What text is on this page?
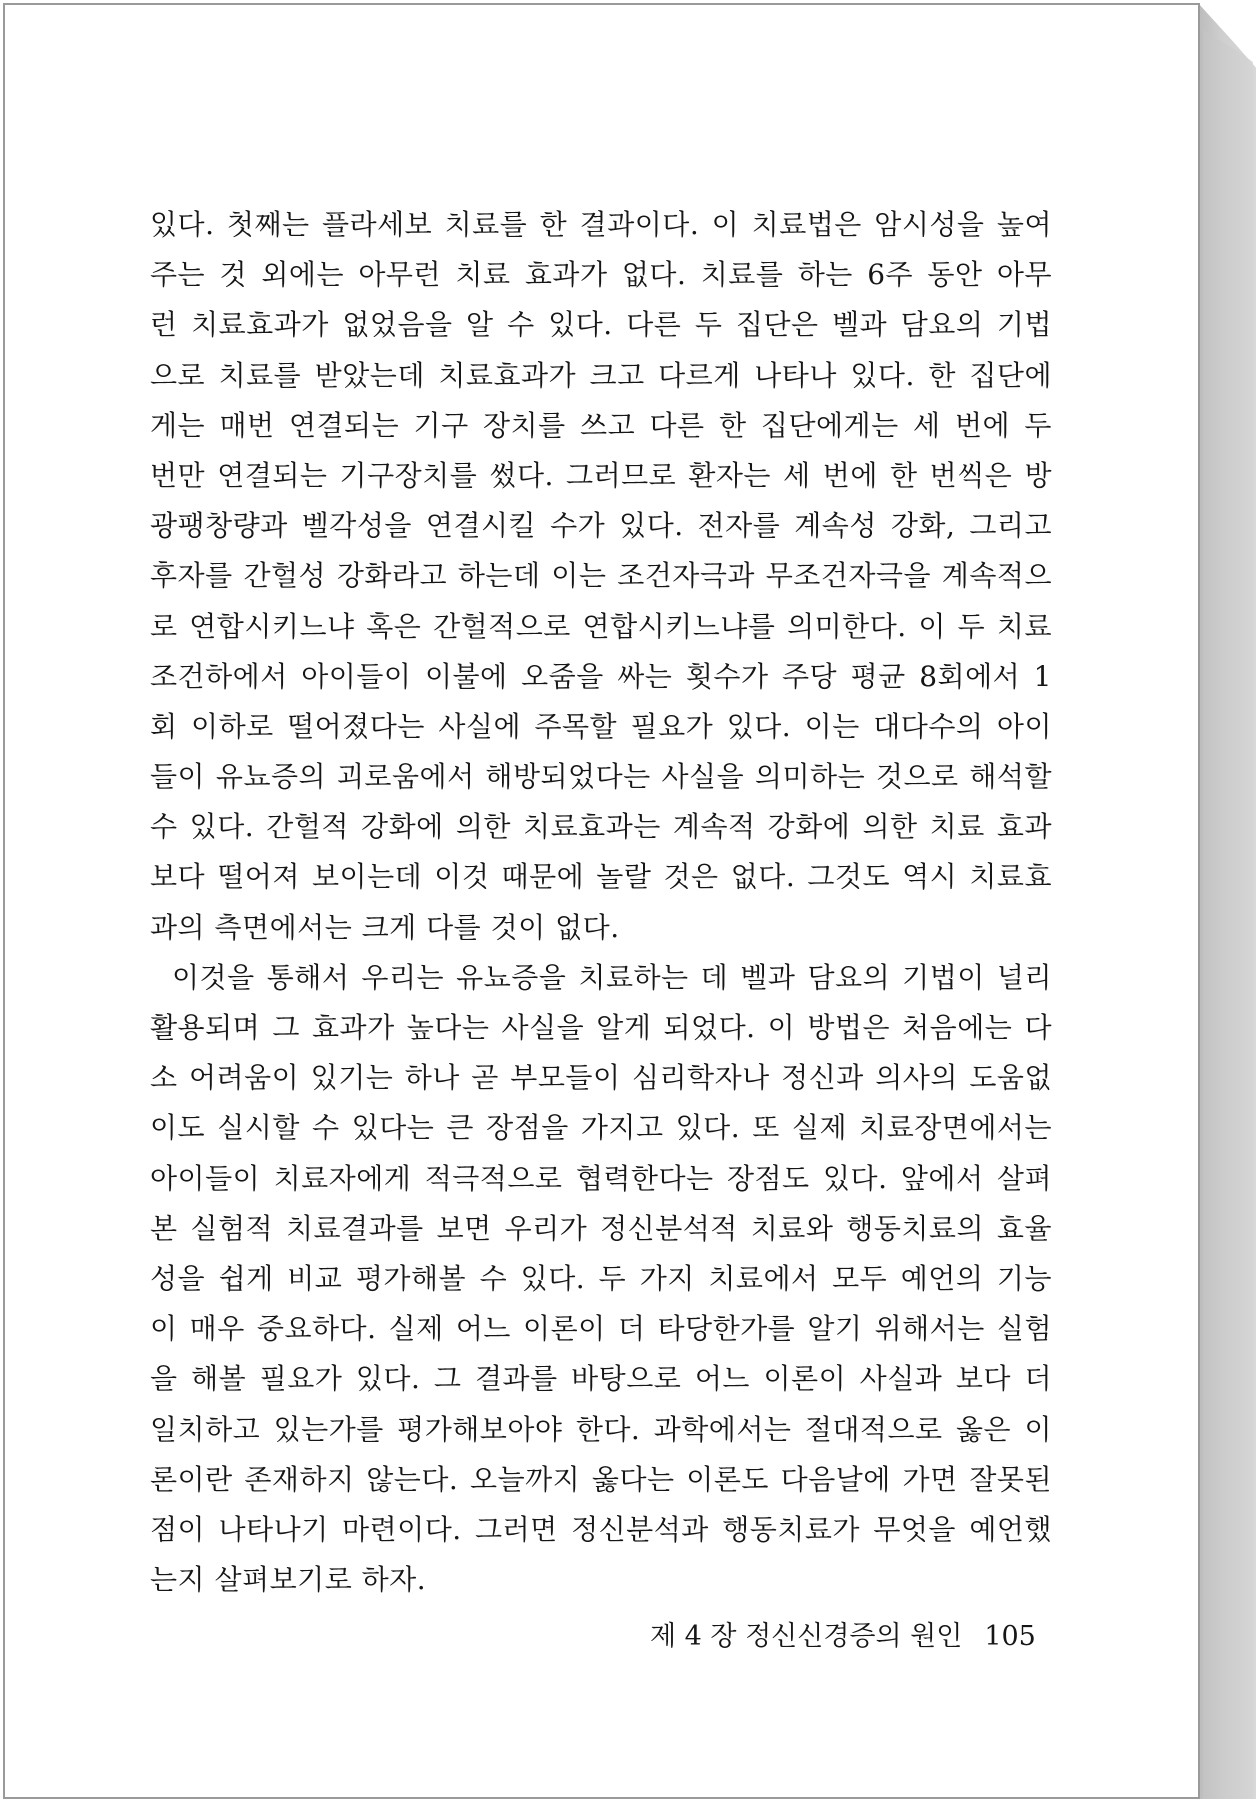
있다. 첫째는 플라세보 치료를 한 결과이다. 이 치료법은 암시성을 높여
주는 것 외에는 아무런 치료 효과가 없다. 치료를 하는 6주 동안 아무
런 치료효과가 없었음을 알 수 있다. 다른 두 집단은 벨과 담요의 기법
으로 치료를 받았는데 치료효과가 크고 다르게 나타나 있다. 한 집단에
게는 매번 연결되는 기구 장치를 쓰고 다른 한 집단에게는 세 번에 두
번만 연결되는 기구장치를 썼다. 그러므로 환자는 세 번에 한 번씩은 방
광팽창량과 벨각성을 연결시킬 수가 있다. 전자를 계속성 강화, 그리고
후자를 간헐성 강화라고 하는데 이는 조건자극과 무조건자극을 계속적으
로 연합시키느냐 혹은 간헐적으로 연합시키느냐를 의미한다. 이 두 치료
조건하에서 아이들이 이불에 오줌을 싸는 횟수가 주당 평균 8회에서 1
회 이하로 떨어졌다는 사실에 주목할 필요가 있다. 이는 대다수의 아이
들이 유뇨증의 괴로움에서 해방되었다는 사실을 의미하는 것으로 해석할
수 있다. 간헐적 강화에 의한 치료효과는 계속적 강화에 의한 치료 효과
보다 떨어져 보이는데 이것 때문에 놀랄 것은 없다. 그것도 역시 치료효
과의 측면에서는 크게 다를 것이 없다.
이것을 통해서 우리는 유뇨증을 치료하는 데 벨과 담요의 기법이 널리
활용되며 그 효과가 높다는 사실을 알게 되었다. 이 방법은 처음에는 다
소 어려움이 있기는 하나 곧 부모들이 심리학자나 정신과 의사의 도움없
이도 실시할 수 있다는 큰 장점을 가지고 있다. 또 실제 치료장면에서는
아이들이 치료자에게 적극적으로 협력한다는 장점도 있다. 앞에서 살펴
본 실험적 치료결과를 보면 우리가 정신분석적 치료와 행동치료의 효율
성을 쉽게 비교 평가해볼 수 있다. 두 가지 치료에서 모두 예언의 기능
이 매우 중요하다. 실제 어느 이론이 더 타당한가를 알기 위해서는 실험
을 해볼 필요가 있다. 그 결과를 바탕으로 어느 이론이 사실과 보다 더
일치하고 있는가를 평가해보아야 한다. 과학에서는 절대적으로 옳은 이
론이란 존재하지 않는다. 오늘까지 옳다는 이론도 다음날에 가면 잘못된
점이 나타나기 마련이다. 그러면 정신분석과 행동치료가 무엇을 예언했
는지 살펴보기로 하자.
제 4 장 정신신경증의 원인 105
